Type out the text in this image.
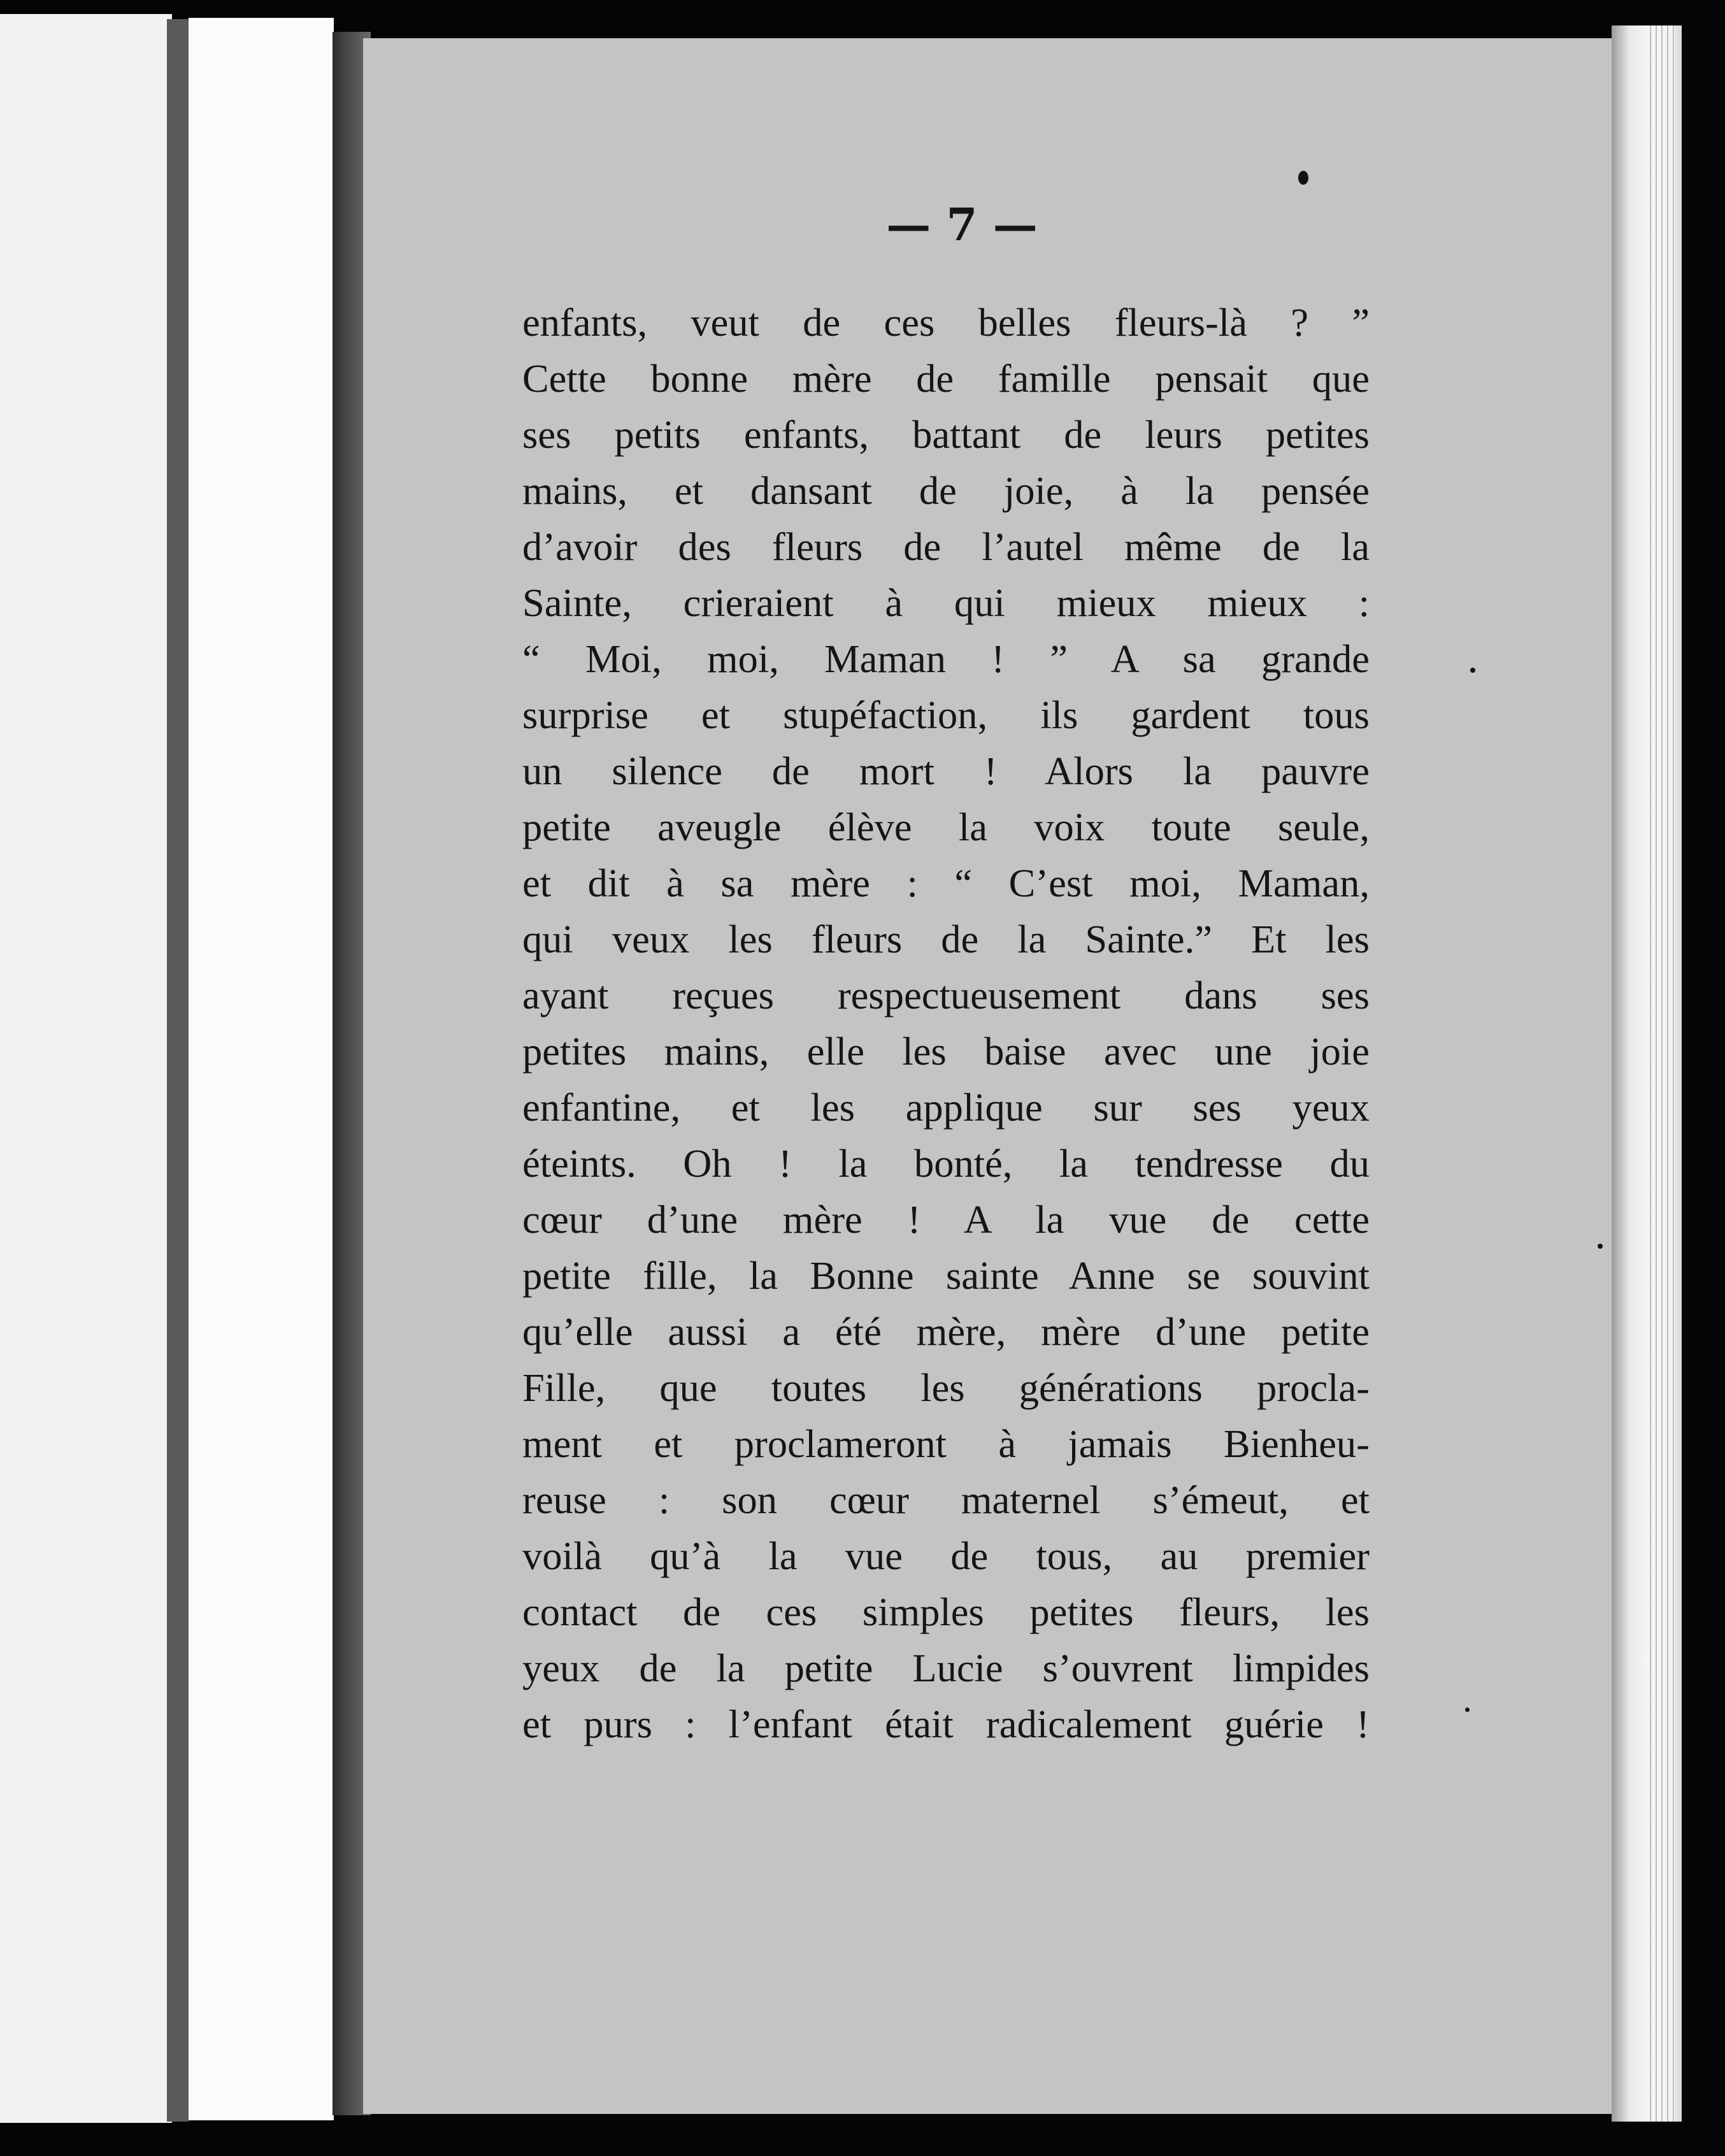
— 7 —
enfants, veut de ces belles fleurs-là ? ”
Cette bonne mère de famille pensait que
ses petits enfants, battant de leurs petites
mains, et dansant de joie, à la pensée
d’avoir des fleurs de l’autel même de la
Sainte, crieraient à qui mieux mieux :
“ Moi, moi, Maman ! ” A sa grande
surprise et stupéfaction, ils gardent tous
un silence de mort ! Alors la pauvre
petite aveugle élève la voix toute seule,
et dit à sa mère : “ C’est moi, Maman,
qui veux les fleurs de la Sainte.” Et les
ayant reçues respectueusement dans ses
petites mains, elle les baise avec une joie
enfantine, et les applique sur ses yeux
éteints. Oh ! la bonté, la tendresse du
cœur d’une mère ! A la vue de cette
petite fille, la Bonne sainte Anne se souvint
qu’elle aussi a été mère, mère d’une petite
Fille, que toutes les générations procla-
ment et proclameront à jamais Bienheu-
reuse : son cœur maternel s’émeut, et
voilà qu’à la vue de tous, au premier
contact de ces simples petites fleurs, les
yeux de la petite Lucie s’ouvrent limpides
et purs : l’enfant était radicalement guérie !
